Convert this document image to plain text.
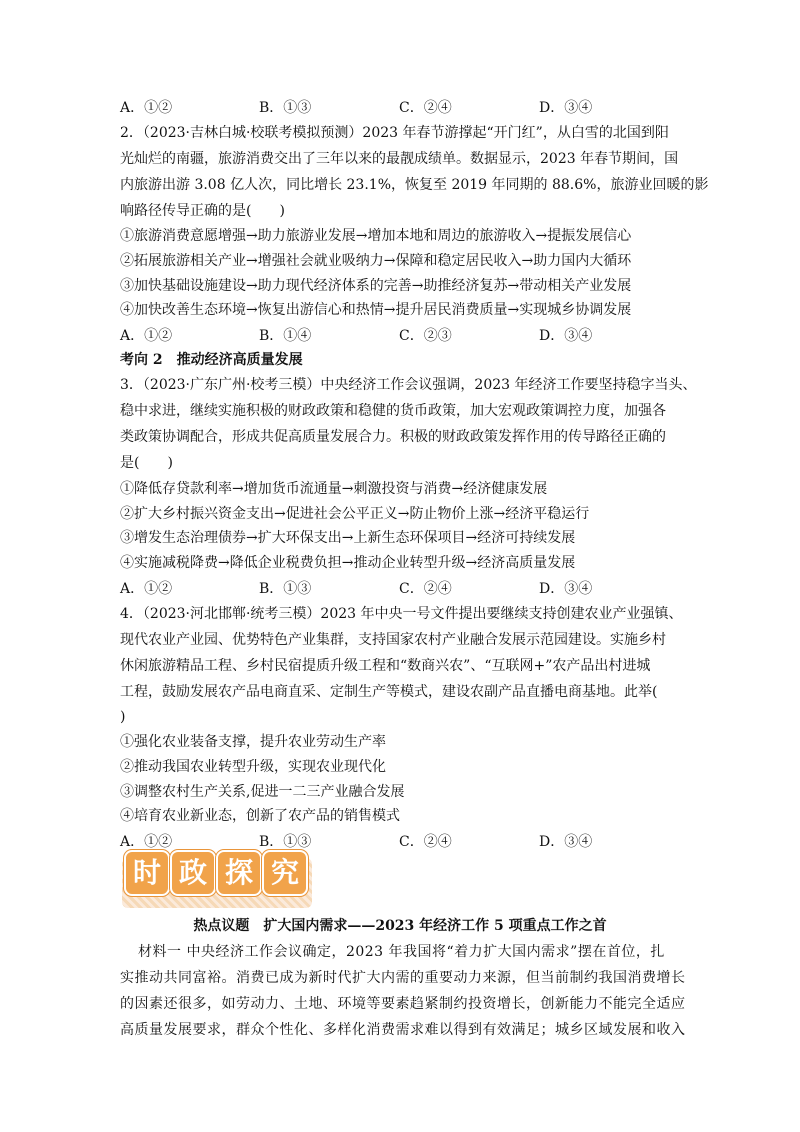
A．①②	B．①③	C．②④	D．③④
2．（2023·吉林白城·校联考模拟预测）2023 年春节游撑起“开门红”，从白雪的北国到阳
光灿烂的南疆，旅游消费交出了三年以来的最靓成绩单。数据显示，2023 年春节期间，国
内旅游出游 3.08 亿人次，同比增长 23.1%，恢复至 2019 年同期的 88.6%，旅游业回暖的影
响路径传导正确的是(　　)
①旅游消费意愿增强→助力旅游业发展→增加本地和周边的旅游收入→提振发展信心
②拓展旅游相关产业→增强社会就业吸纳力→保障和稳定居民收入→助力国内大循环
③加快基础设施建设→助力现代经济体系的完善→助推经济复苏→带动相关产业发展
④加快改善生态环境→恢复出游信心和热情→提升居民消费质量→实现城乡协调发展
A．①②	B．①④	C．②③	D．③④
考向 2　推动经济高质量发展
3．（2023·广东广州·校考三模）中央经济工作会议强调，2023 年经济工作要坚持稳字当头、
稳中求进，继续实施积极的财政政策和稳健的货币政策，加大宏观政策调控力度，加强各
类政策协调配合，形成共促高质量发展合力。积极的财政政策发挥作用的传导路径正确的
是(　　)
①降低存贷款利率→增加货币流通量→刺激投资与消费→经济健康发展
②扩大乡村振兴资金支出→促进社会公平正义→防止物价上涨→经济平稳运行
③增发生态治理债券→扩大环保支出→上新生态环保项目→经济可持续发展
④实施减税降费→降低企业税费负担→推动企业转型升级→经济高质量发展
A．①②	B．①③	C．②④	D．③④
4．（2023·河北邯郸·统考三模）2023 年中央一号文件提出要继续支持创建农业产业强镇、
现代农业产业园、优势特色产业集群，支持国家农村产业融合发展示范园建设。实施乡村
休闲旅游精品工程、乡村民宿提质升级工程和“数商兴农”、“互联网+”农产品出村进城
工程，鼓励发展农产品电商直采、定制生产等模式，建设农副产品直播电商基地。此举(
)
①强化农业装备支撑，提升农业劳动生产率
②推动我国农业转型升级，实现农业现代化
③调整农村生产关系,促进一二三产业融合发展
④培育农业新业态，创新了农产品的销售模式
A．①②	B．①③	C．②④	D．③④
时 政 探 究
热点议题　扩大国内需求——2023 年经济工作 5 项重点工作之首
材料一 中央经济工作会议确定，2023 年我国将“着力扩大国内需求”摆在首位，扎
实推动共同富裕。消费已成为新时代扩大内需的重要动力来源，但当前制约我国消费增长
的因素还很多，如劳动力、土地、环境等要素趋紧制约投资增长，创新能力不能完全适应
高质量发展要求，群众个性化、多样化消费需求难以得到有效满足；城乡区域发展和收入
